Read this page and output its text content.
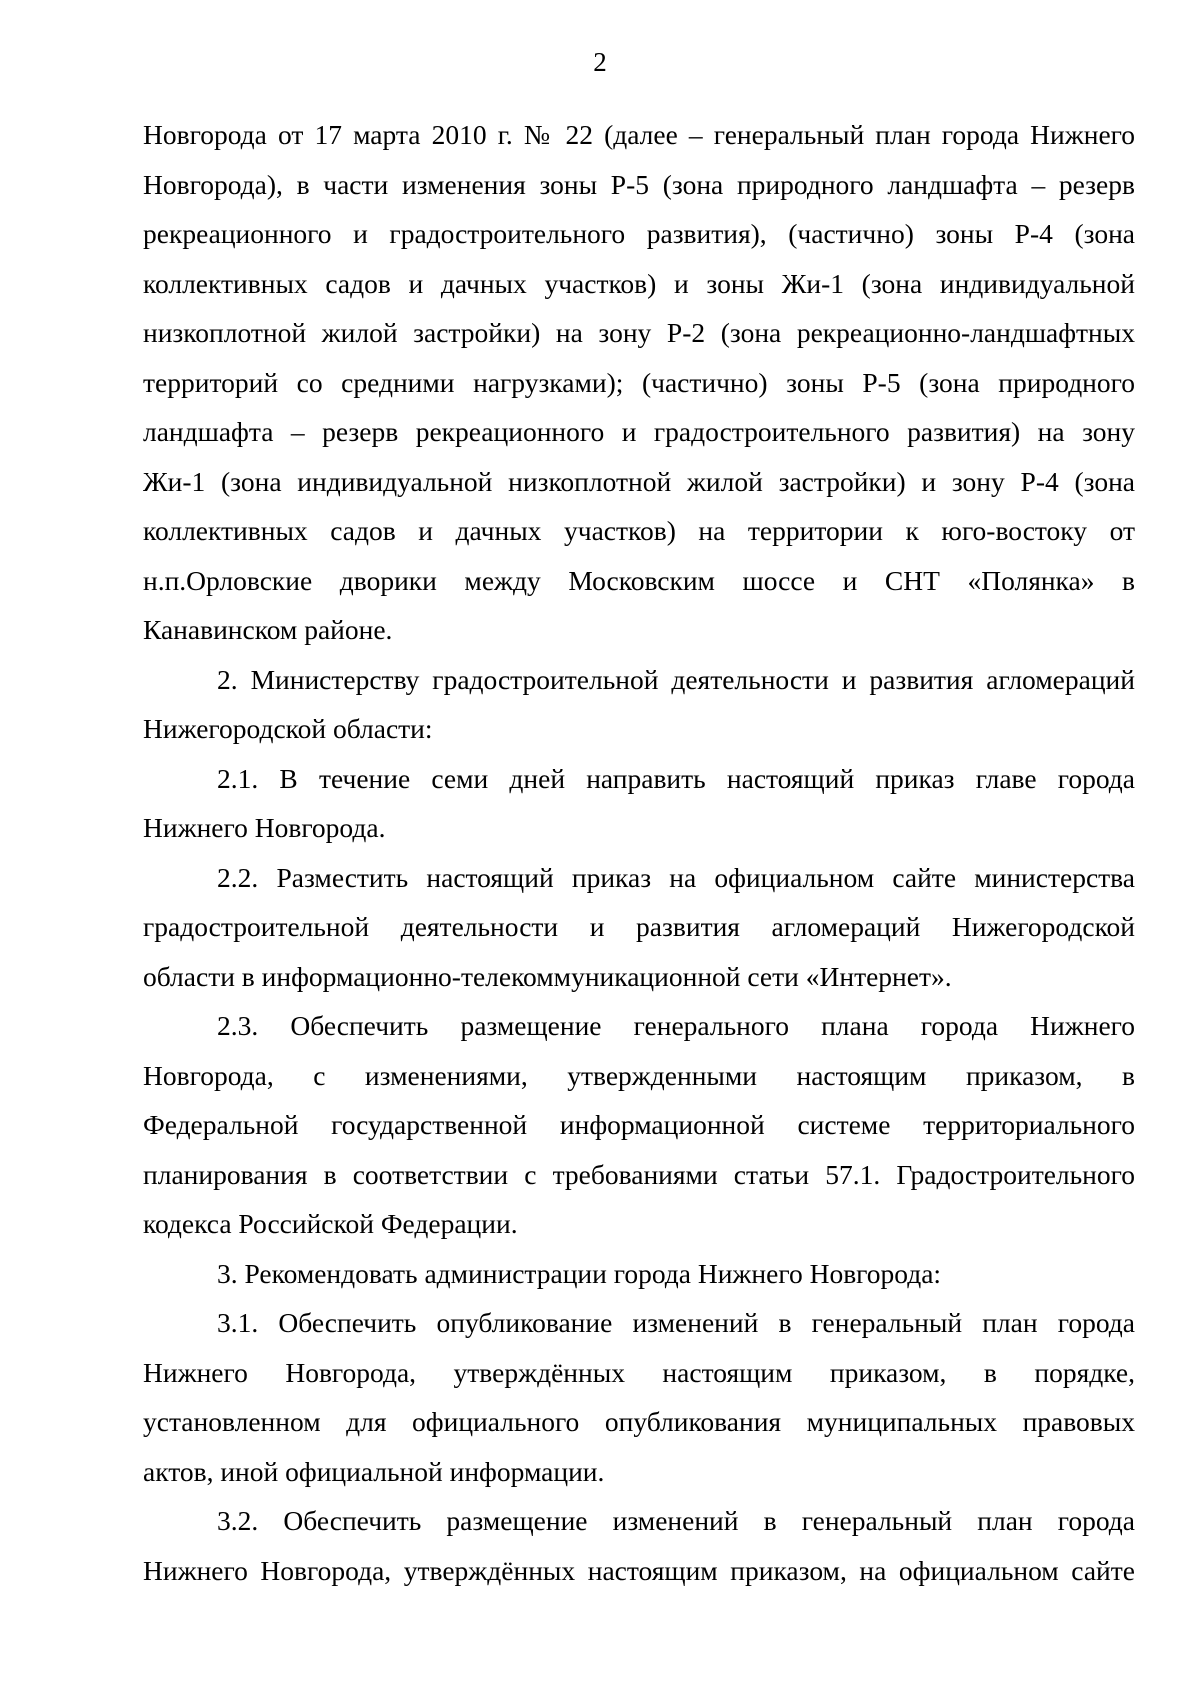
2
Новгорода от 17 марта 2010 г. № 22 (далее – генеральный план города Нижнего
Новгорода), в части изменения зоны Р-5 (зона природного ландшафта – резерв
рекреационного и градостроительного развития), (частично) зоны Р-4 (зона
коллективных садов и дачных участков) и зоны Жи-1 (зона индивидуальной
низкоплотной жилой застройки) на зону Р-2 (зона рекреационно-ландшафтных
территорий со средними нагрузками); (частично) зоны Р-5 (зона природного
ландшафта – резерв рекреационного и градостроительного развития) на зону
Жи-1 (зона индивидуальной низкоплотной жилой застройки) и зону Р-4 (зона
коллективных садов и дачных участков) на территории к юго-востоку от
н.п.Орловские дворики между Московским шоссе и СНТ «Полянка» в
Канавинском районе.
2. Министерству градостроительной деятельности и развития агломераций
Нижегородской области:
2.1. В течение семи дней направить настоящий приказ главе города
Нижнего Новгорода.
2.2. Разместить настоящий приказ на официальном сайте министерства
градостроительной деятельности и развития агломераций Нижегородской
области в информационно-телекоммуникационной сети «Интернет».
2.3. Обеспечить размещение генерального плана города Нижнего
Новгорода, с изменениями, утвержденными настоящим приказом, в
Федеральной государственной информационной системе территориального
планирования в соответствии с требованиями статьи 57.1. Градостроительного
кодекса Российской Федерации.
3. Рекомендовать администрации города Нижнего Новгорода:
3.1. Обеспечить опубликование изменений в генеральный план города
Нижнего Новгорода, утверждённых настоящим приказом, в порядке,
установленном для официального опубликования муниципальных правовых
актов, иной официальной информации.
3.2. Обеспечить размещение изменений в генеральный план города
Нижнего Новгорода, утверждённых настоящим приказом, на официальном сайте
